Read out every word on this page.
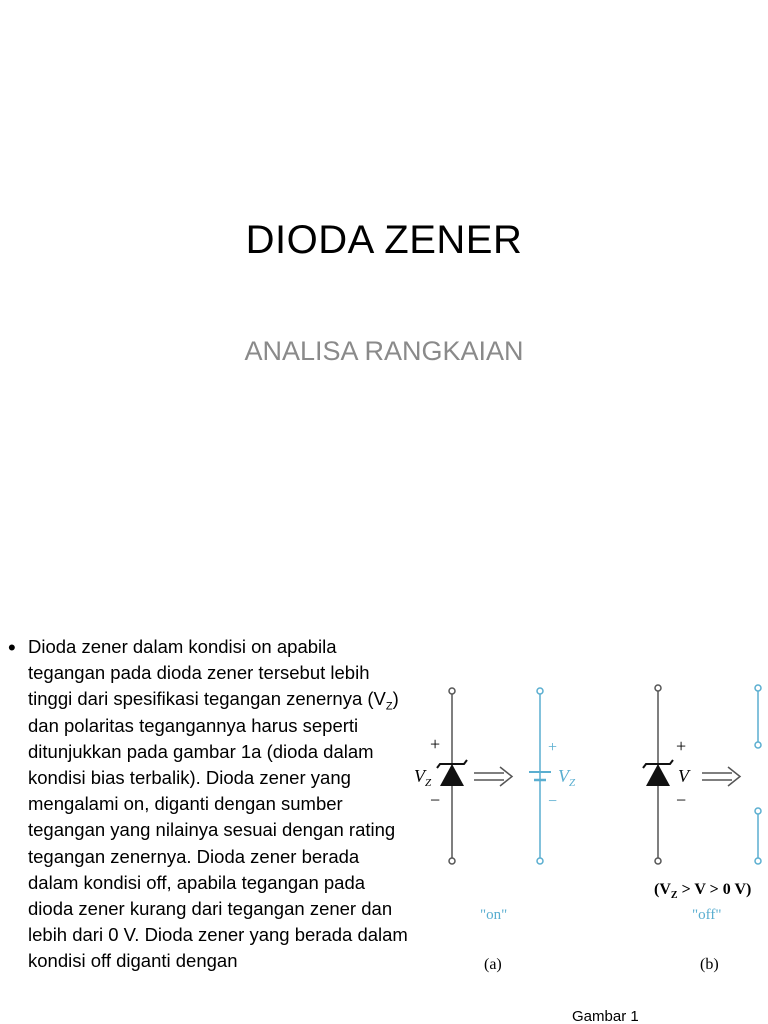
DIODA ZENER
ANALISA RANGKAIAN
• Dioda zener dalam kondisi on apabila tegangan pada dioda zener tersebut lebih tinggi dari spesifikasi tegangan zenernya $(V_Z)$ dan polaritas tegangannya harus seperti ditunjukkan pada gambar 1a (dioda dalam kondisi bias terbalik). Dioda zener yang mengalami on, diganti dengan sumber tegangan yang nilainya sesuai dengan rating tegangan zenernya. Dioda zener berada dalam kondisi off, apabila tegangan pada dioda zener kurang dari tegangan zener dan lebih dari 0 V. Dioda zener yang berada dalam kondisi off diganti dengan
+
−
$V_Z$
+
−
$V_Z$
"on"
(a)
+
−
V
($V_Z > V > 0$ V)
"off"
(b)
Gambar 1
